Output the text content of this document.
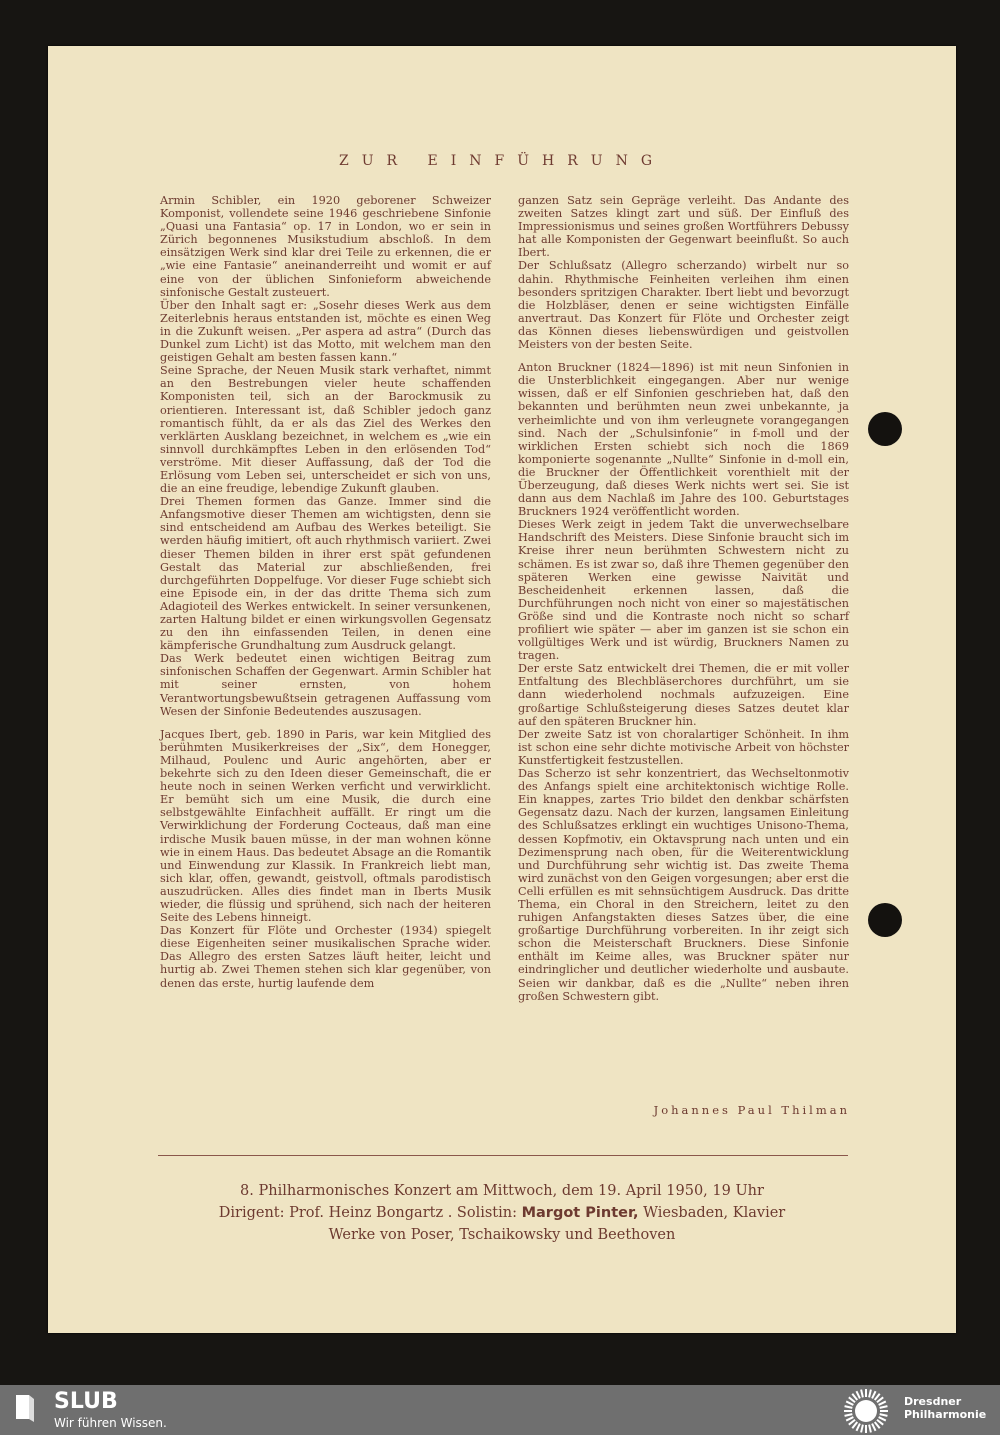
ZUR EINFÜHRUNG

Armin Schibler, ein 1920 geborener Schweizer Komponist, vollendete seine 1946 geschriebene Sinfonie „Quasi una Fantasia“ op. 17 in London, wo er sein in Zürich begonnenes Musikstudium abschloß. In dem einsätzigen Werk sind klar drei Teile zu erkennen, die er „wie eine Fantasie“ aneinanderreiht und womit er auf eine von der üblichen Sinfonieform abweichende sinfonische Gestalt zusteuert.

Über den Inhalt sagt er: „Sosehr dieses Werk aus dem Zeiterlebnis heraus entstanden ist, möchte es einen Weg in die Zukunft weisen. „Per aspera ad astra“ (Durch das Dunkel zum Licht) ist das Motto, mit welchem man den geistigen Gehalt am besten fassen kann.“

Seine Sprache, der Neuen Musik stark verhaftet, nimmt an den Bestrebungen vieler heute schaffenden Komponisten teil, sich an der Barockmusik zu orientieren. Interessant ist, daß Schibler jedoch ganz romantisch fühlt, da er als das Ziel des Werkes den verklärten Ausklang bezeichnet, in welchem es „wie ein sinnvoll durchkämpftes Leben in den erlösenden Tod“ verströme. Mit dieser Auffassung, daß der Tod die Erlösung vom Leben sei, unterscheidet er sich von uns, die an eine freudige, lebendige Zukunft glauben.

Drei Themen formen das Ganze. Immer sind die Anfangsmotive dieser Themen am wichtigsten, denn sie sind entscheidend am Aufbau des Werkes beteiligt. Sie werden häufig imitiert, oft auch rhythmisch variiert. Zwei dieser Themen bilden in ihrer erst spät gefundenen Gestalt das Material zur abschließenden, frei durchgeführten Doppelfuge. Vor dieser Fuge schiebt sich eine Episode ein, in der das dritte Thema sich zum Adagioteil des Werkes entwickelt. In seiner versunkenen, zarten Haltung bildet er einen wirkungsvollen Gegensatz zu den ihn einfassenden Teilen, in denen eine kämpferische Grundhaltung zum Ausdruck gelangt.

Das Werk bedeutet einen wichtigen Beitrag zum sinfonischen Schaffen der Gegenwart. Armin Schibler hat mit seiner ernsten, von hohem Verantwortungsbewußtsein getragenen Auffassung vom Wesen der Sinfonie Bedeutendes auszusagen.

Jacques Ibert, geb. 1890 in Paris, war kein Mitglied des berühmten Musikerkreises der „Six“, dem Honegger, Milhaud, Poulenc und Auric angehörten, aber er bekehrte sich zu den Ideen dieser Gemeinschaft, die er heute noch in seinen Werken verficht und verwirklicht. Er bemüht sich um eine Musik, die durch eine selbstgewählte Einfachheit auffällt. Er ringt um die Verwirklichung der Forderung Cocteaus, daß man eine irdische Musik bauen müsse, in der man wohnen könne wie in einem Haus. Das bedeutet Absage an die Romantik und Einwendung zur Klassik. In Frankreich liebt man, sich klar, offen, gewandt, geistvoll, oftmals parodistisch auszudrücken. Alles dies findet man in Iberts Musik wieder, die flüssig und sprühend, sich nach der heiteren Seite des Lebens hinneigt.

Das Konzert für Flöte und Orchester (1934) spiegelt diese Eigenheiten seiner musikalischen Sprache wider. Das Allegro des ersten Satzes läuft heiter, leicht und hurtig ab. Zwei Themen stehen sich klar gegenüber, von denen das erste, hurtig laufende dem

ganzen Satz sein Gepräge verleiht. Das Andante des zweiten Satzes klingt zart und süß. Der Einfluß des Impressionismus und seines großen Wortführers Debussy hat alle Komponisten der Gegenwart beeinflußt. So auch Ibert.

Der Schlußsatz (Allegro scherzando) wirbelt nur so dahin. Rhythmische Feinheiten verleihen ihm einen besonders spritzigen Charakter. Ibert liebt und bevorzugt die Holzbläser, denen er seine wichtigsten Einfälle anvertraut. Das Konzert für Flöte und Orchester zeigt das Können dieses liebenswürdigen und geistvollen Meisters von der besten Seite.

Anton Bruckner (1824—1896) ist mit neun Sinfonien in die Unsterblichkeit eingegangen. Aber nur wenige wissen, daß er elf Sinfonien geschrieben hat, daß den bekannten und berühmten neun zwei unbekannte, ja verheimlichte und von ihm verleugnete vorangegangen sind. Nach der „Schulsinfonie“ in f-moll und der wirklichen Ersten schiebt sich noch die 1869 komponierte sogenannte „Nullte“ Sinfonie in d-moll ein, die Bruckner der Öffentlichkeit vorenthielt mit der Überzeugung, daß dieses Werk nichts wert sei. Sie ist dann aus dem Nachlaß im Jahre des 100. Geburtstages Bruckners 1924 veröffentlicht worden.

Dieses Werk zeigt in jedem Takt die unverwechselbare Handschrift des Meisters. Diese Sinfonie braucht sich im Kreise ihrer neun berühmten Schwestern nicht zu schämen. Es ist zwar so, daß ihre Themen gegenüber den späteren Werken eine gewisse Naivität und Bescheidenheit erkennen lassen, daß die Durchführungen noch nicht von einer so majestätischen Größe sind und die Kontraste noch nicht so scharf profiliert wie später — aber im ganzen ist sie schon ein vollgültiges Werk und ist würdig, Bruckners Namen zu tragen.

Der erste Satz entwickelt drei Themen, die er mit voller Entfaltung des Blechbläserchores durchführt, um sie dann wiederholend nochmals aufzuzeigen. Eine großartige Schlußsteigerung dieses Satzes deutet klar auf den späteren Bruckner hin.

Der zweite Satz ist von choralartiger Schönheit. In ihm ist schon eine sehr dichte motivische Arbeit von höchster Kunstfertigkeit festzustellen.

Das Scherzo ist sehr konzentriert, das Wechseltonmotiv des Anfangs spielt eine architektonisch wichtige Rolle. Ein knappes, zartes Trio bildet den denkbar schärfsten Gegensatz dazu. Nach der kurzen, langsamen Einleitung des Schlußsatzes erklingt ein wuchtiges Unisono-Thema, dessen Kopfmotiv, ein Oktavsprung nach unten und ein Dezimensprung nach oben, für die Weiterentwicklung und Durchführung sehr wichtig ist. Das zweite Thema wird zunächst von den Geigen vorgesungen; aber erst die Celli erfüllen es mit sehnsüchtigem Ausdruck. Das dritte Thema, ein Choral in den Streichern, leitet zu den ruhigen Anfangstakten dieses Satzes über, die eine großartige Durchführung vorbereiten. In ihr zeigt sich schon die Meisterschaft Bruckners. Diese Sinfonie enthält im Keime alles, was Bruckner später nur eindringlicher und deutlicher wiederholte und ausbaute. Seien wir dankbar, daß es die „Nullte“ neben ihren großen Schwestern gibt.

Johannes Paul Thilman
8. Philharmonisches Konzert am Mittwoch, dem 19. April 1950, 19 Uhr
Dirigent: Prof. Heinz Bongartz . Solistin: Margot Pinter, Wiesbaden, Klavier
Werke von Poser, Tschaikowsky und Beethoven
SLUB
Wir führen Wissen.
Dresdner
Philharmonie
